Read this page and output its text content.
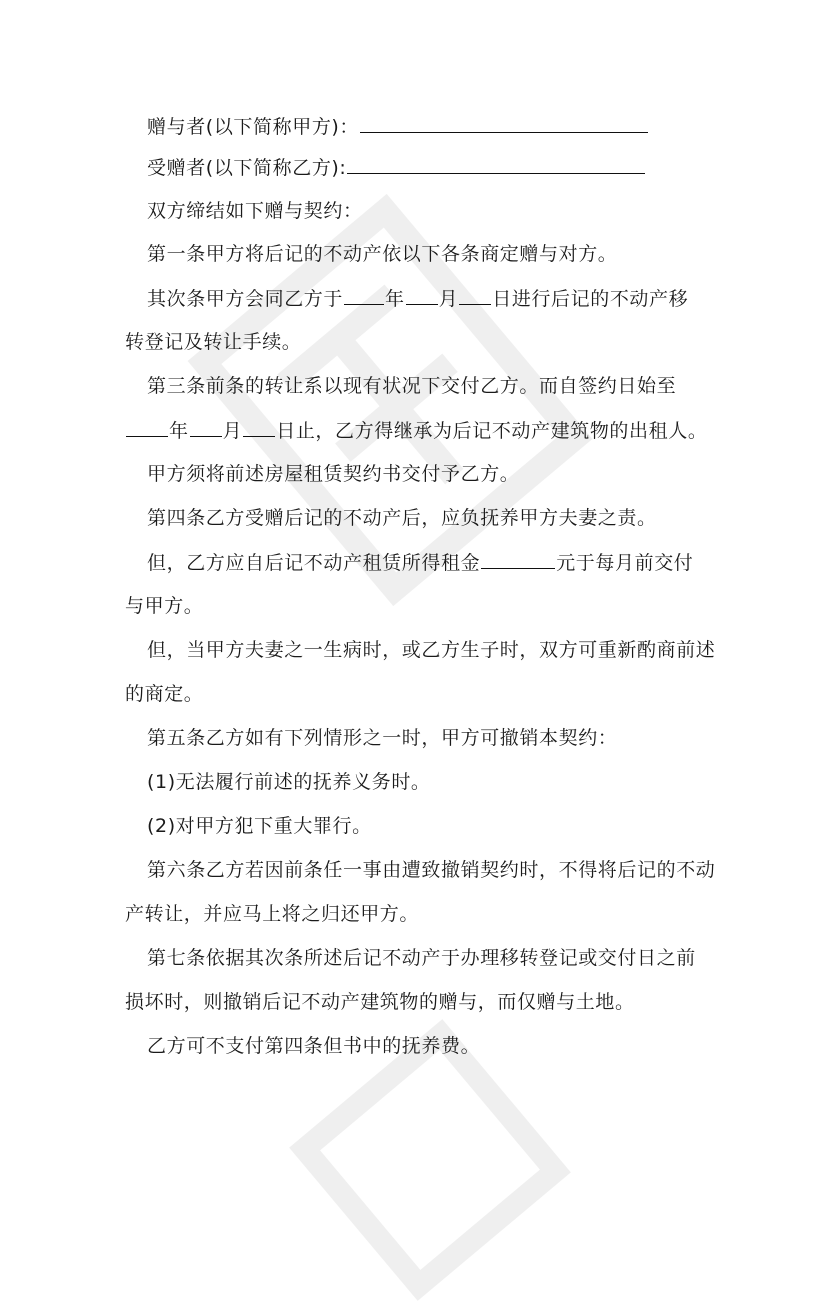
赠与者(以下简称甲方)：
受赠者(以下简称乙方):
双方缔结如下赠与契约：
第一条甲方将后记的不动产依以下各条商定赠与对方。
其次条甲方会同乙方于 年 月 日进行后记的不动产移
转登记及转让手续。
第三条前条的转让系以现有状况下交付乙方。而自签约日始至
年 月 日止，乙方得继承为后记不动产建筑物的出租人。
甲方须将前述房屋租赁契约书交付予乙方。
第四条乙方受赠后记的不动产后，应负抚养甲方夫妻之责。
但，乙方应自后记不动产租赁所得租金	元于每月前交付
与甲方。
但，当甲方夫妻之一生病时，或乙方生子时，双方可重新酌商前述
的商定。
第五条乙方如有下列情形之一时，甲方可撤销本契约：
(1)无法履行前述的抚养义务时。
(2)对甲方犯下重大罪行。
第六条乙方若因前条任一事由遭致撤销契约时，不得将后记的不动
产转让，并应马上将之归还甲方。
第七条依据其次条所述后记不动产于办理移转登记或交付日之前
损坏时，则撤销后记不动产建筑物的赠与，而仅赠与土地。
乙方可不支付第四条但书中的抚养费。
